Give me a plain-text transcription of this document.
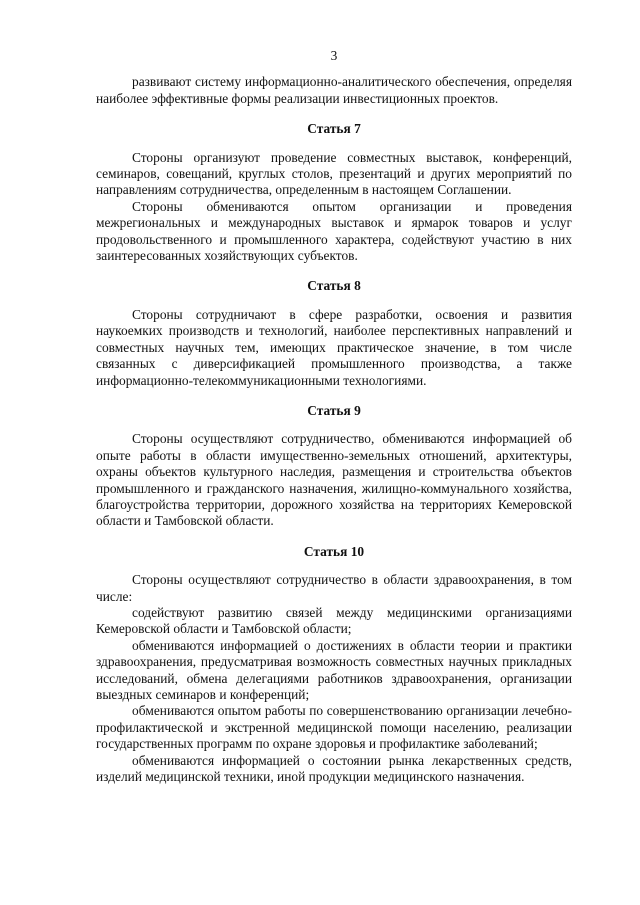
3

развивают систему информационно-аналитического обеспечения, определяя наиболее эффективные формы реализации инвестиционных проектов.

Статья 7

Стороны организуют проведение совместных выставок, конференций, семинаров, совещаний, круглых столов, презентаций и других мероприятий по направлениям сотрудничества, определенным в настоящем Соглашении.

Стороны обмениваются опытом организации и проведения межрегиональных и международных выставок и ярмарок товаров и услуг продовольственного и промышленного характера, содействуют участию в них заинтересованных хозяйствующих субъектов.

Статья 8

Стороны сотрудничают в сфере разработки, освоения и развития наукоемких производств и технологий, наиболее перспективных направлений и совместных научных тем, имеющих практическое значение, в том числе связанных с диверсификацией промышленного производства, а также информационно-телекоммуникационными технологиями.

Статья 9

Стороны осуществляют сотрудничество, обмениваются информацией об опыте работы в области имущественно-земельных отношений, архитектуры, охраны объектов культурного наследия, размещения и строительства объектов промышленного и гражданского назначения, жилищно-коммунального хозяйства, благоустройства территории, дорожного хозяйства на территориях Кемеровской области и Тамбовской области.

Статья 10

Стороны осуществляют сотрудничество в области здравоохранения, в том числе:

содействуют развитию связей между медицинскими организациями Кемеровской области и Тамбовской области;

обмениваются информацией о достижениях в области теории и практики здравоохранения, предусматривая возможность совместных научных прикладных исследований, обмена делегациями работников здравоохранения, организации выездных семинаров и конференций;

обмениваются опытом работы по совершенствованию организации лечебно-профилактической и экстренной медицинской помощи населению, реализации государственных программ по охране здоровья и профилактике заболеваний;

обмениваются информацией о состоянии рынка лекарственных средств, изделий медицинской техники, иной продукции медицинского назначения.
